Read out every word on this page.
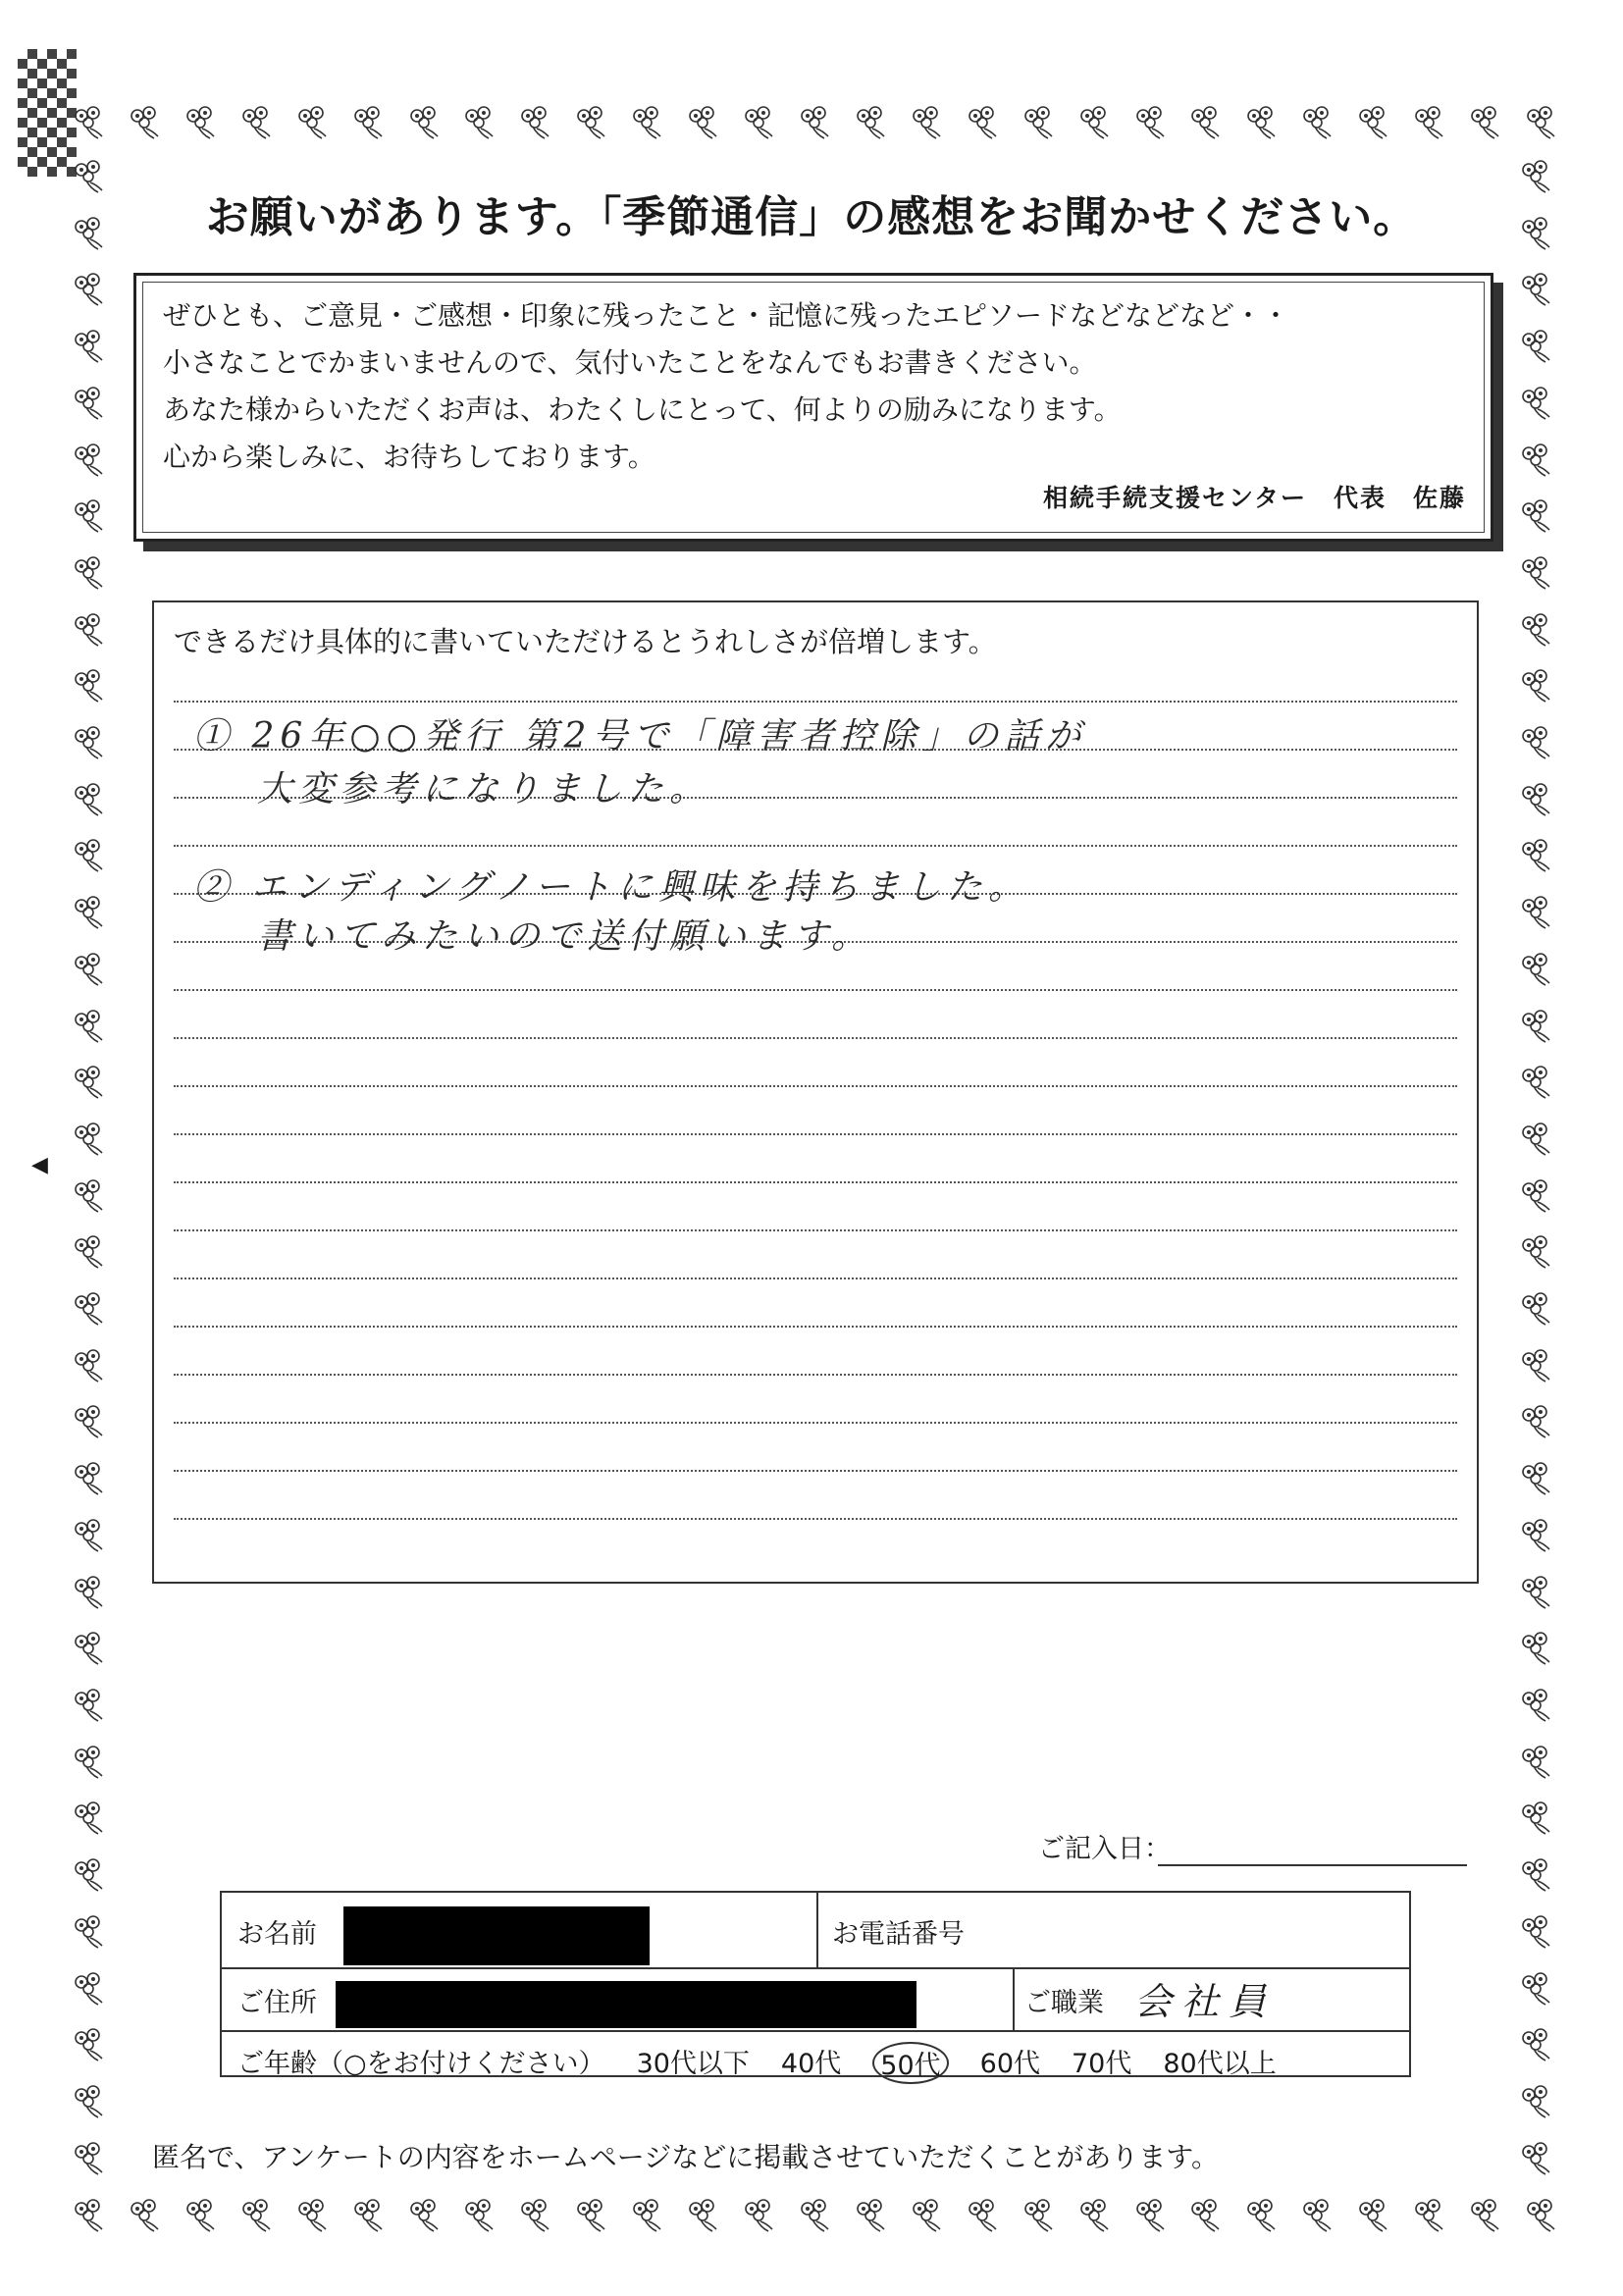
◀
お願いがあります。「季節通信」の感想をお聞かせください。
ぜひとも、ご意見・ご感想・印象に残ったこと・記憶に残ったエピソードなどなどなど・・
小さなことでかまいませんので、気付いたことをなんでもお書きください。
あなた様からいただくお声は、わたくしにとって、何よりの励みになります。
心から楽しみに、お待ちしております。
相続手続支援センター　代表　佐藤
できるだけ具体的に書いていただけるとうれしさが倍増します。
① 26年○○発行 第2号で「障害者控除」の話が
大変参考になりました。
② エンディングノートに興味を持ちました。
書いてみたいので送付願います。
ご記入日：
お名前	お電話番号
ご住所	ご職業 会社員
ご年齢（○をお付けください） 30代以下 40代 50代 60代 70代 80代以上
匿名で、アンケートの内容をホームページなどに掲載させていただくことがあります。
